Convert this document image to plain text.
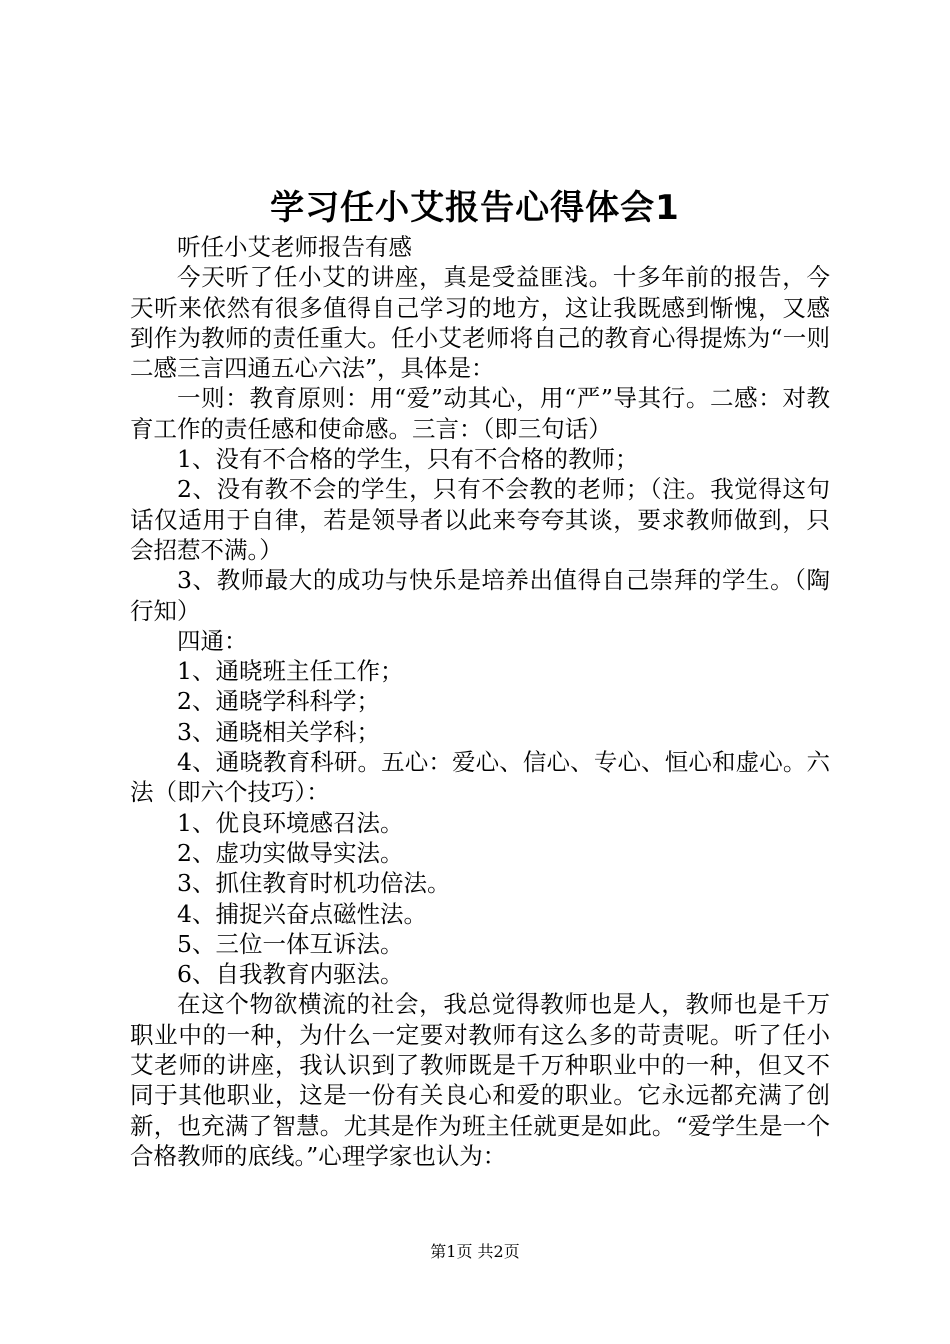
学习任小艾报告心得体会1

听任小艾老师报告有感

今天听了任小艾的讲座，真是受益匪浅。十多年前的报告，今天听来依然有很多值得自己学习的地方，这让我既感到惭愧，又感到作为教师的责任重大。任小艾老师将自己的教育心得提炼为“一则二感三言四通五心六法”，具体是：

一则：教育原则：用“爱”动其心，用“严”导其行。二感：对教育工作的责任感和使命感。三言：（即三句话）

1、没有不合格的学生，只有不合格的教师；

2、没有教不会的学生，只有不会教的老师；（注。我觉得这句话仅适用于自律，若是领导者以此来夸夸其谈，要求教师做到，只会招惹不满。）

3、教师最大的成功与快乐是培养出值得自己崇拜的学生。（陶行知）

四通：

1、通晓班主任工作；

2、通晓学科科学；

3、通晓相关学科；

4、通晓教育科研。五心：爱心、信心、专心、恒心和虚心。六法（即六个技巧）：

1、优良环境感召法。

2、虚功实做导实法。

3、抓住教育时机功倍法。

4、捕捉兴奋点磁性法。

5、三位一体互诉法。

6、自我教育内驱法。

在这个物欲横流的社会，我总觉得教师也是人，教师也是千万职业中的一种，为什么一定要对教师有这么多的苛责呢。听了任小艾老师的讲座，我认识到了教师既是千万种职业中的一种，但又不同于其他职业，这是一份有关良心和爱的职业。它永远都充满了创新，也充满了智慧。尤其是作为班主任就更是如此。“爱学生是一个合格教师的底线。”心理学家也认为：

第1页 共2页
